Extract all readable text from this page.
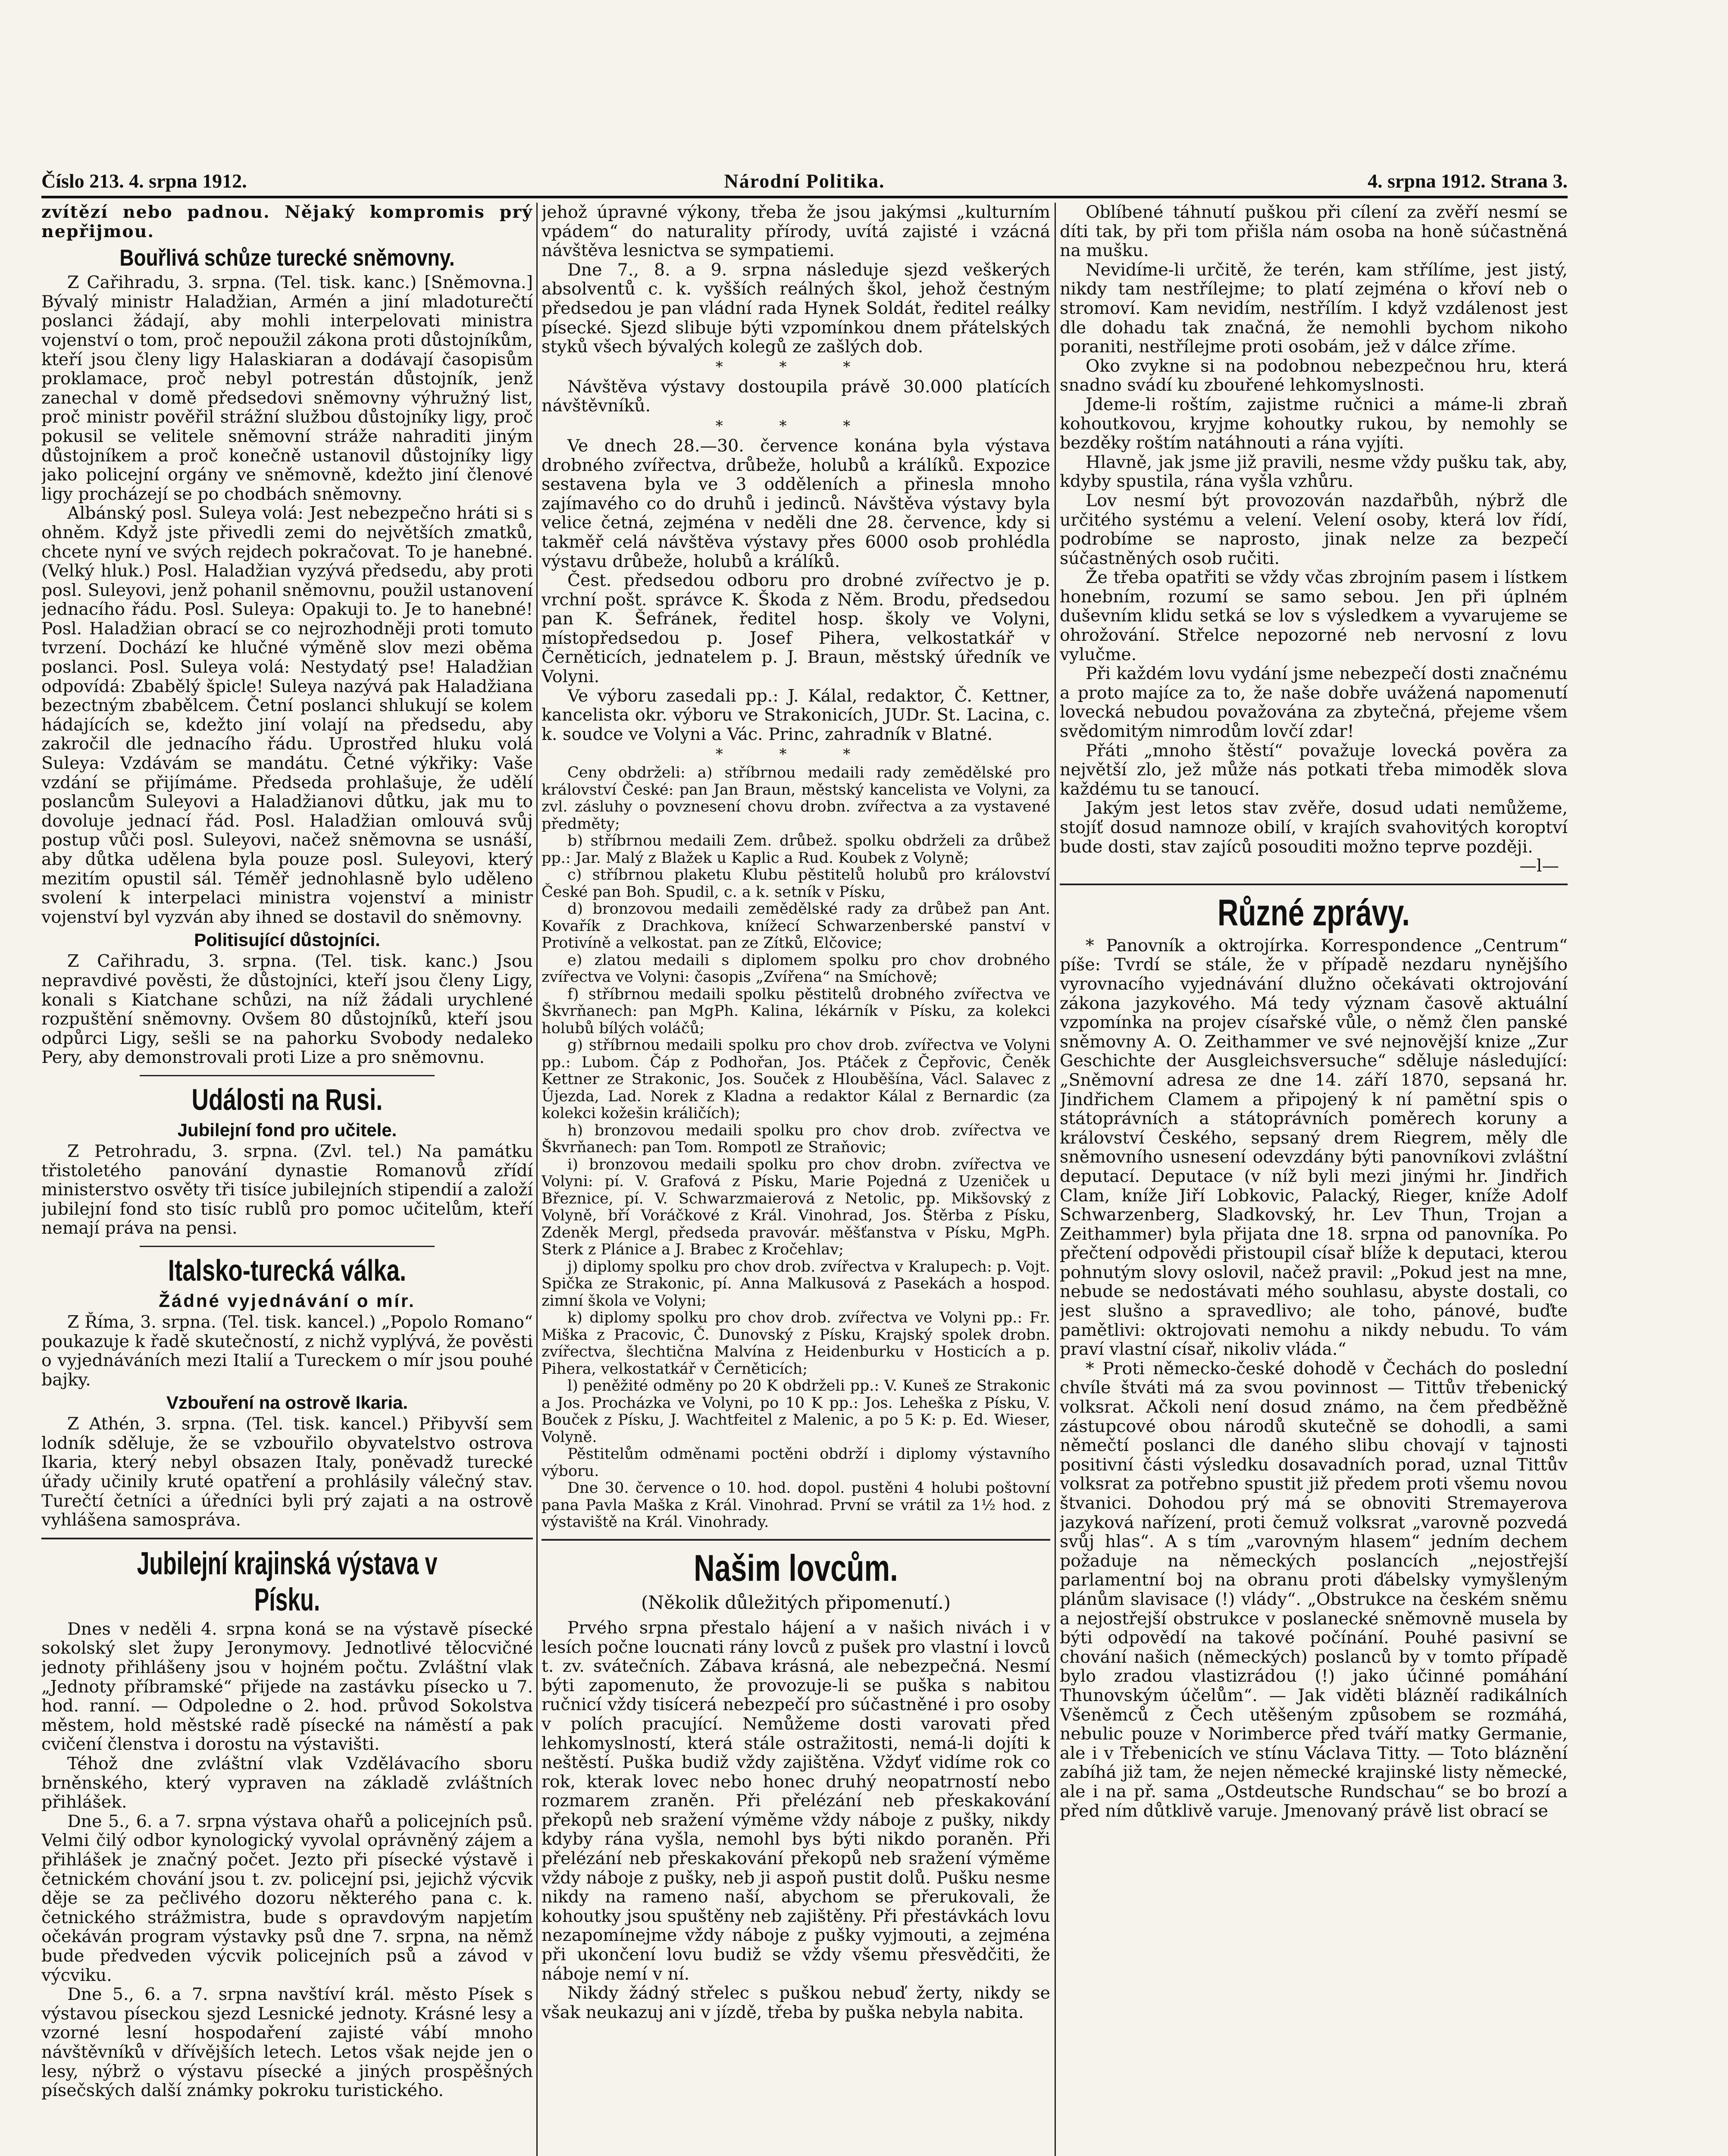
Národní Politika.
Číslo 213. 4. srpna 1912.	4. srpna 1912. Strana 3.

zvítězí nebo padnou. Nějaký kompromis prý nepřijmou.

Bouřlivá schůze turecké sněmovny.

Z Cařihradu, 3. srpna. (Tel. tisk. kanc.) [Sněmovna.] Bývalý ministr Haladžian, Armén a jiní mladoturečtí poslanci žádají, aby mohli interpelovati ministra vojenství o tom, proč nepoužil zákona proti důstojníkům, kteří jsou členy ligy Halaskiaran a dodávají časopisům proklamace, proč nebyl potrestán důstojník, jenž zanechal v domě předsedovi sněmovny výhružný list, proč ministr pověřil strážní službou důstojníky ligy, proč pokusil se velitele sněmovní stráže nahraditi jiným důstojníkem a proč konečně ustanovil důstojníky ligy jako policejní orgány ve sněmovně, kdežto jiní členové ligy procházejí se po chodbách sněmovny.

Albánský posl. Suleya volá: Jest nebezpečno hráti si s ohněm. Když jste přivedli zemi do největších zmatků, chcete nyní ve svých rejdech pokračovat. To je hanebné. (Velký hluk.) Posl. Haladžian vyzývá předsedu, aby proti posl. Suleyovi, jenž pohanil sněmovnu, použil ustanovení jednacího řádu. Posl. Suleya: Opakuji to. Je to hanebné! Posl. Haladžian obrací se co nejrozhodněji proti tomuto tvrzení. Dochází ke hlučné výměně slov mezi oběma poslanci. Posl. Suleya volá: Nestydatý pse! Haladžian odpovídá: Zbabělý špicle! Suleya nazývá pak Haladžiana bezectným zbabělcem. Četní poslanci shlukují se kolem hádajících se, kdežto jiní volají na předsedu, aby zakročil dle jednacího řádu. Uprostřed hluku volá Suleya: Vzdávám se mandátu. Četné výkřiky: Vaše vzdání se přijímáme. Předseda prohlašuje, že udělí poslancům Suleyovi a Haladžianovi důtku, jak mu to dovoluje jednací řád. Posl. Haladžian omlouvá svůj postup vůči posl. Suleyovi, načež sněmovna se usnáší, aby důtka udělena byla pouze posl. Suleyovi, který mezitím opustil sál. Téměř jednohlasně bylo uděleno svolení k interpelaci ministra vojenství a ministr vojenství byl vyzván aby ihned se dostavil do sněmovny.

Politisující důstojníci.

Z Cařihradu, 3. srpna. (Tel. tisk. kanc.) Jsou nepravdivé pověsti, že důstojníci, kteří jsou členy Ligy, konali s Kiatchane schůzi, na níž žádali urychlené rozpuštění sněmovny. Ovšem 80 důstojníků, kteří jsou odpůrci Ligy, sešli se na pahorku Svobody nedaleko Pery, aby demonstrovali proti Lize a pro sněmovnu.

Události na Rusi.
Jubilejní fond pro učitele.

Z Petrohradu, 3. srpna. (Zvl. tel.) Na památku třistoletého panování dynastie Romanovů zřídí ministerstvo osvěty tři tisíce jubilejních stipendií a založí jubilejní fond sto tisíc rublů pro pomoc učitelům, kteří nemají práva na pensi.

Italsko-turecká válka.
Žádné vyjednávání o mír.

Z Říma, 3. srpna. (Tel. tisk. kancel.) „Popolo Romano“ poukazuje k řadě skutečností, z nichž vyplývá, že pověsti o vyjednáváních mezi Italií a Tureckem o mír jsou pouhé bajky.

Vzbouření na ostrově Ikaria.

Z Athén, 3. srpna. (Tel. tisk. kancel.) Přibyvší sem lodník sděluje, že se vzbouřilo obyvatelstvo ostrova Ikaria, který nebyl obsazen Italy, poněvadž turecké úřady učinily kruté opatření a prohlásily válečný stav. Turečtí četníci a úředníci byli prý zajati a na ostrově vyhlášena samospráva.

Jubilejní krajinská výstava v Písku.

Dnes v neděli 4. srpna koná se na výstavě písecké sokolský slet župy Jeronymovy. Jednotlivé tělocvičné jednoty přihlášeny jsou v hojném počtu. Zvláštní vlak „Jednoty příbramské“ přijede na zastávku písecko u 7. hod. ranní. — Odpoledne o 2. hod. průvod Sokolstva městem, hold městské radě písecké na náměstí a pak cvičení členstva i dorostu na výstavišti.

Téhož dne zvláštní vlak Vzdělávacího sboru brněnského, který vypraven na základě zvláštních přihlášek.

Dne 5., 6. a 7. srpna výstava ohařů a policejních psů. Velmi čilý odbor kynologický vyvolal oprávněný zájem a přihlášek je značný počet. Jezto při písecké výstavě i četnickém chování jsou t. zv. policejní psi, jejichž výcvik děje se za pečlivého dozoru některého pana c. k. četnického strážmistra, bude s opravdovým napjetím očekáván program výstavky psů dne 7. srpna, na němž bude předveden výcvik policejních psů a závod v výcviku.

Dne 5., 6. a 7. srpna navštíví král. město Písek s výstavou píseckou sjezd Lesnické jednoty. Krásné lesy a vzorné lesní hospodaření zajisté vábí mnoho návštěvníků v dřívějších letech. Letos však nejde jen o lesy, nýbrž o výstavu písecké a jiných prospěšných písečských další známky pokroku turistického.

jehož úpravné výkony, třeba že jsou jakýmsi „kulturním vpádem“ do naturality přírody, uvítá zajisté i vzácná návštěva lesnictva se sympatiemi.

Dne 7., 8. a 9. srpna následuje sjezd veškerých absolventů c. k. vyšších reálných škol, jehož čestným předsedou je pan vládní rada Hynek Soldát, ředitel reálky písecké. Sjezd slibuje býti vzpomínkou dnem přátelských styků všech bývalých kolegů ze zašlých dob.

* * *

Návštěva výstavy dostoupila právě 30.000 platících návštěvníků.

* * *

Ve dnech 28.—30. července konána byla výstava drobného zvířectva, drůbeže, holubů a králíků. Expozice sestavena byla ve 3 odděleních a přinesla mnoho zajímavého co do druhů i jedinců. Návštěva výstavy byla velice četná, zejména v neděli dne 28. července, kdy si takměř celá návštěva výstavy přes 6000 osob prohlédla výstavu drůbeže, holubů a králíků.

Čest. předsedou odboru pro drobné zvířectvo je p. vrchní pošt. správce K. Škoda z Něm. Brodu, předsedou pan K. Šefránek, ředitel hosp. školy ve Volyni, místopředsedou p. Josef Pihera, velkostatkář v Černěticích, jednatelem p. J. Braun, městský úředník ve Volyni.

Ve výboru zasedali pp.: J. Kálal, redaktor, Č. Kettner, kancelista okr. výboru ve Strakonicích, JUDr. St. Lacina, c. k. soudce ve Volyni a Vác. Princ, zahradník v Blatné.

* * *

Ceny obdrželi: a) stříbrnou medaili rady zemědělské pro království České: pan Jan Braun, městský kancelista ve Volyni, za zvl. zásluhy o povznesení chovu drobn. zvířectva a za vystavené předměty;

b) stříbrnou medaili Zem. drůbež. spolku obdrželi za drůbež pp.: Jar. Malý z Blažek u Kaplic a Rud. Koubek z Volyně;

c) stříbrnou plaketu Klubu pěstitelů holubů pro království České pan Boh. Spudil, c. a k. setník v Písku,

d) bronzovou medaili zemědělské rady za drůbež pan Ant. Kovařík z Drachkova, knížecí Schwarzenberské panství v Protivíně a velkostat. pan ze Zítků, Elčovice;

e) zlatou medaili s diplomem spolku pro chov drobného zvířectva ve Volyni: časopis „Zvířena“ na Smíchově;

f) stříbrnou medaili spolku pěstitelů drobného zvířectva ve Škvrňanech: pan MgPh. Kalina, lékárník v Písku, za kolekci holubů bílých voláčů;

g) stříbrnou medaili spolku pro chov drob. zvířectva ve Volyni pp.: Lubom. Čáp z Podhořan, Jos. Ptáček z Čepřovic, Čeněk Kettner ze Strakonic, Jos. Souček z Hlouběšína, Václ. Salavec z Újezda, Lad. Norek z Kladna a redaktor Kálal z Bernardic (za kolekci kožešin králičích);

h) bronzovou medaili spolku pro chov drob. zvířectva ve Škvrňanech: pan Tom. Rompotl ze Straňovic;

i) bronzovou medaili spolku pro chov drobn. zvířectva ve Volyni: pí. V. Grafová z Písku, Marie Pojedná z Uzeniček u Březnice, pí. V. Schwarzmaierová z Netolic, pp. Mikšovský z Volyně, bří Voráčkové z Král. Vinohrad, Jos. Štěrba z Písku, Zdeněk Mergl, předseda pravovár. měšťanstva v Písku, MgPh. Sterk z Plánice a J. Brabec z Kročehlav;

j) diplomy spolku pro chov drob. zvířectva v Kralupech: p. Vojt. Spička ze Strakonic, pí. Anna Malkusová z Pasekách a hospod. zimní škola ve Volyni;

k) diplomy spolku pro chov drob. zvířectva ve Volyni pp.: Fr. Miška z Pracovic, Č. Dunovský z Písku, Krajský spolek drobn. zvířectva, šlechtična Malvína z Heidenburku v Hosticích a p. Pihera, velkostatkář v Černěticích;

l) peněžité odměny po 20 K obdrželi pp.: V. Kuneš ze Strakonic a Jos. Procházka ve Volyni, po 10 K pp.: Jos. Leheška z Písku, V. Bouček z Písku, J. Wachtfeitel z Malenic, a po 5 K: p. Ed. Wieser, Volyně.

Pěstitelům odměnami poctěni obdrží i diplomy výstavního výboru.

Dne 30. července o 10. hod. dopol. pustěni 4 holubi poštovní pana Pavla Maška z Král. Vinohrad. První se vrátil za 1½ hod. z výstaviště na Král. Vinohrady.

Našim lovcům.
(Několik důležitých připomenutí.)

Prvého srpna přestalo hájení a v našich nivách i v lesích počne loucnati rány lovců z pušek pro vlastní i lovců t. zv. svátečních. Zábava krásná, ale nebezpečná. Nesmí býti zapomenuto, že provozuje-li se puška s nabitou ručnicí vždy tisícerá nebezpečí pro súčastněné i pro osoby v polích pracující. Nemůžeme dosti varovati před lehkomyslností, která stále ostražitosti, nemá-li dojíti k neštěstí. Puška budiž vždy zajištěna. Vždyť vidíme rok co rok, kterak lovec nebo honec druhý neopatrností nebo rozmarem zraněn. Při přelézání neb přeskakování překopů neb sražení výměme vždy náboje z pušky, nikdy kdyby rána vyšla, nemohl bys býti nikdo poraněn. Při přelézání neb přeskakování překopů neb sražení výměme vždy náboje z pušky, neb ji aspoň pustit dolů. Pušku nesme nikdy na rameno naší, abychom se přerukovali, že kohoutky jsou spuštěny neb zajištěny. Při přestávkách lovu nezapomínejme vždy náboje z pušky vyjmouti, a zejména při ukončení lovu budiž se vždy všemu přesvědčiti, že náboje nemí v ní.

Nikdy žádný střelec s puškou nebuď žerty, nikdy se však neukazuj ani v jízdě, třeba by puška nebyla nabita.

Oblíbené táhnutí puškou při cílení za zvěří nesmí se díti tak, by při tom přišla nám osoba na honě súčastněná na mušku.

Nevidíme-li určitě, že terén, kam střílíme, jest jistý, nikdy tam nestřílejme; to platí zejména o křoví neb o stromoví. Kam nevidím, nestřílím. I když vzdálenost jest dle dohadu tak značná, že nemohli bychom nikoho poraniti, nestřílejme proti osobám, jež v dálce zříme.

Oko zvykne si na podobnou nebezpečnou hru, která snadno svádí ku zbouřené lehkomyslnosti.

Jdeme-li roštím, zajistme ručnici a máme-li zbraň kohoutkovou, kryjme kohoutky rukou, by nemohly se bezděky roštím natáhnouti a rána vyjíti.

Hlavně, jak jsme již pravili, nesme vždy pušku tak, aby, kdyby spustila, rána vyšla vzhůru.

Lov nesmí být provozován nazdařbůh, nýbrž dle určitého systému a velení. Velení osoby, která lov řídí, podrobíme se naprosto, jinak nelze za bezpečí súčastněných osob ručiti.

Že třeba opatřiti se vždy včas zbrojním pasem i lístkem honebním, rozumí se samo sebou. Jen při úplném duševním klidu setká se lov s výsledkem a vyvarujeme se ohrožování. Střelce nepozorné neb nervosní z lovu vylučme.

Při každém lovu vydání jsme nebezpečí dosti značnému a proto majíce za to, že naše dobře uvážená napomenutí lovecká nebudou považována za zbytečná, přejeme všem svědomitým nimrodům lovčí zdar!

Přáti „mnoho štěstí“ považuje lovecká pověra za největší zlo, jež může nás potkati třeba mimoděk slova každému tu se tanoucí.

Jakým jest letos stav zvěře, dosud udati nemůžeme, stojíť dosud namnoze obilí, v krajích svahovitých koroptví bude dosti, stav zajíců posouditi možno teprve později.

—l—

Různé zprávy.

* Panovník a oktrojírka. Korrespondence „Centrum“ píše: Tvrdí se stále, že v případě nezdaru nynějšího vyrovnacího vyjednávání dlužno očekávati oktrojování zákona jazykového. Má tedy význam časově aktuální vzpomínka na projev císařské vůle, o němž člen panské sněmovny A. O. Zeithammer ve své nejnovější knize „Zur Geschichte der Ausgleichsversuche“ sděluje následující: „Sněmovní adresa ze dne 14. září 1870, sepsaná hr. Jindřichem Clamem a připojený k ní pamětní spis o státoprávních a státoprávních poměrech koruny a království Českého, sepsaný drem Riegrem, měly dle sněmovního usnesení odevzdány býti panovníkovi zvláštní deputací. Deputace (v níž byli mezi jinými hr. Jindřich Clam, kníže Jiří Lobkovic, Palacký, Rieger, kníže Adolf Schwarzenberg, Sladkovský, hr. Lev Thun, Trojan a Zeithammer) byla přijata dne 18. srpna od panovníka. Po přečtení odpovědi přistoupil císař blíže k deputaci, kterou pohnutým slovy oslovil, načež pravil: „Pokud jest na mne, nebude se nedostávati mého souhlasu, abyste dostali, co jest slušno a spravedlivo; ale toho, pánové, buďte pamětlivi: oktrojovati nemohu a nikdy nebudu. To vám praví vlastní císař, nikoliv vláda.“

* Proti německo-české dohodě v Čechách do poslední chvíle štváti má za svou povinnost — Tittův třebenický volksrat. Ačkoli není dosud známo, na čem předběžně zástupcové obou národů skutečně se dohodli, a sami němečtí poslanci dle daného slibu chovají v tajnosti positivní části výsledku dosavadních porad, uznal Tittův volksrat za potřebno spustit již předem proti všemu novou štvanici. Dohodou prý má se obnoviti Stremayerova jazyková nařízení, proti čemuž volksrat „varovně pozvedá svůj hlas“. A s tím „varovným hlasem“ jedním dechem požaduje na německých poslancích „nejostřejší parlamentní boj na obranu proti ďábelsky vymyšleným plánům slavisace (!) vlády“. „Obstrukce na českém sněmu a nejostřejší obstrukce v poslanecké sněmovně musela by býti odpovědí na takové počínání. Pouhé pasivní se chování našich (německých) poslanců by v tomto případě bylo zradou vlastizrádou (!) jako účinné pomáhání Thunovským účelům“. — Jak viděti blázněí radikálních Všeněmců z Čech utěšeným způsobem se rozmáhá, nebulic pouze v Norimberce před tváří matky Germanie, ale i v Třebenicích ve stínu Václava Titty. — Toto bláznění zabíhá již tam, že nejen německé krajinské listy německé, ale i na př. sama „Ostdeutsche Rundschau“ se bo brozí a před ním důtklivě varuje. Jmenovaný právě list obrací se
